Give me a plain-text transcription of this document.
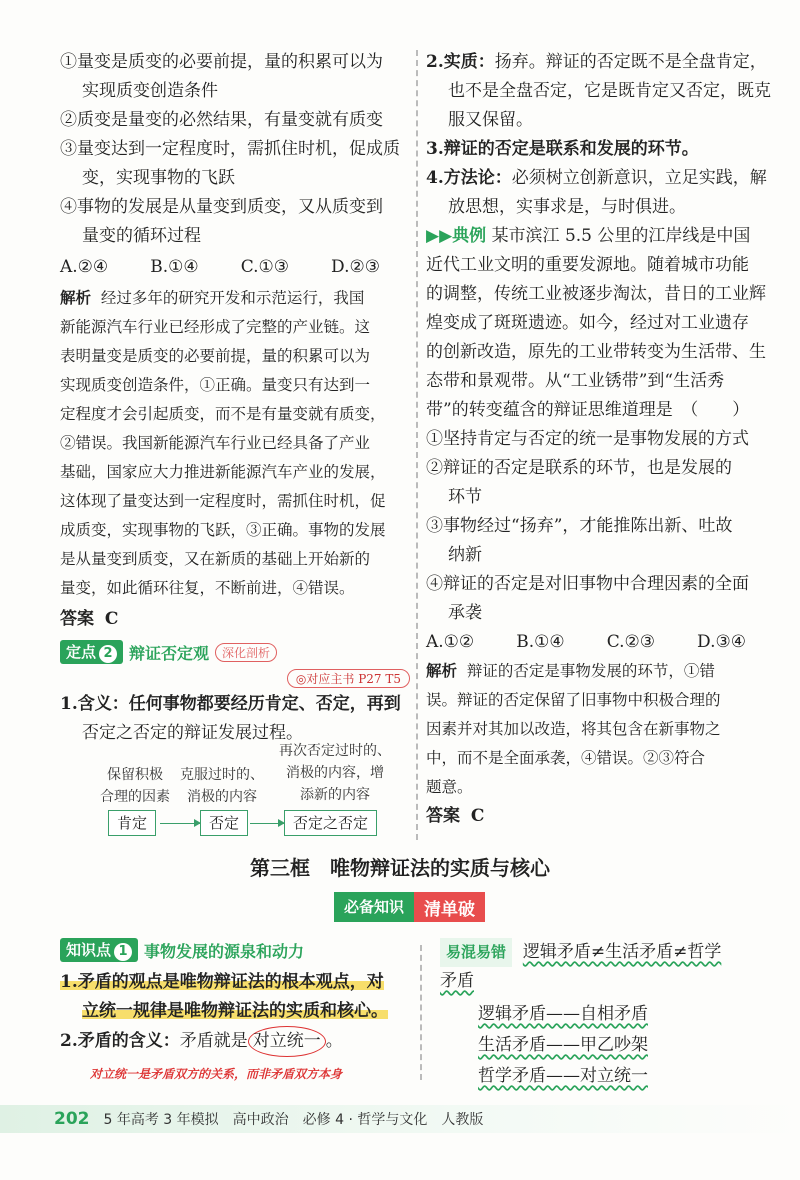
①量变是质变的必要前提，量的积累可以为
实现质变创造条件
②质变是量变的必然结果，有量变就有质变
③量变达到一定程度时，需抓住时机，促成质
变，实现事物的飞跃
④事物的发展是从量变到质变，又从质变到
量变的循环过程
A.②④ B.①④ C.①③ D.②③
解析 经过多年的研究开发和示范运行，我国
新能源汽车行业已经形成了完整的产业链。这
表明量变是质变的必要前提，量的积累可以为
实现质变创造条件，①正确。量变只有达到一
定程度才会引起质变，而不是有量变就有质变，
②错误。我国新能源汽车行业已经具备了产业
基础，国家应大力推进新能源汽车产业的发展，
这体现了量变达到一定程度时，需抓住时机，促
成质变，实现事物的飞跃，③正确。事物的发展
是从量变到质变，又在新质的基础上开始新的
量变，如此循环往复，不断前进，④错误。
答案 C
定点 2	辩证否定观	深化剖析
◎对应主书 P27 T5
1.含义：任何事物都要经历肯定、否定，再到
否定之否定的辩证发展过程。
保留积极
合理的因素
克服过时的、
消极的内容
再次否定过时的、
消极的内容，增
添新的内容
肯定	否定	否定之否定
2.实质：扬弃。辩证的否定既不是全盘肯定，
也不是全盘否定，它是既肯定又否定，既克
服又保留。
3.辩证的否定是联系和发展的环节。
4.方法论：必须树立创新意识，立足实践，解
放思想，实事求是，与时俱进。
▶▶典例 某市滨江 5.5 公里的江岸线是中国
近代工业文明的重要发源地。随着城市功能
的调整，传统工业被逐步淘汰，昔日的工业辉
煌变成了斑斑遗迹。如今，经过对工业遗存
的创新改造，原先的工业带转变为生活带、生
态带和景观带。从“工业锈带”到“生活秀
带”的转变蕴含的辩证思维道理是　（　　）
①坚持肯定与否定的统一是事物发展的方式
②辩证的否定是联系的环节，也是发展的
环节
③事物经过“扬弃”，才能推陈出新、吐故
纳新
④辩证的否定是对旧事物中合理因素的全面
承袭
A.①② B.①④ C.②③ D.③④
解析 辩证的否定是事物发展的环节，①错
误。辩证的否定保留了旧事物中积极合理的
因素并对其加以改造，将其包含在新事物之
中，而不是全面承袭，④错误。②③符合
题意。
答案 C
第三框　唯物辩证法的实质与核心
必备知识	清单破
知识点 1	事物发展的源泉和动力
1.矛盾的观点是唯物辩证法的根本观点，对
立统一规律是唯物辩证法的实质和核心。
2.矛盾的含义：矛盾就是 对立统一 。
对立统一是矛盾双方的关系，而非矛盾双方本身
易混易错 逻辑矛盾≠生活矛盾≠哲学
矛盾
逻辑矛盾——自相矛盾
生活矛盾——甲乙吵架
哲学矛盾——对立统一
202 5 年高考 3 年模拟 高中政治 必修 4 · 哲学与文化 人教版
